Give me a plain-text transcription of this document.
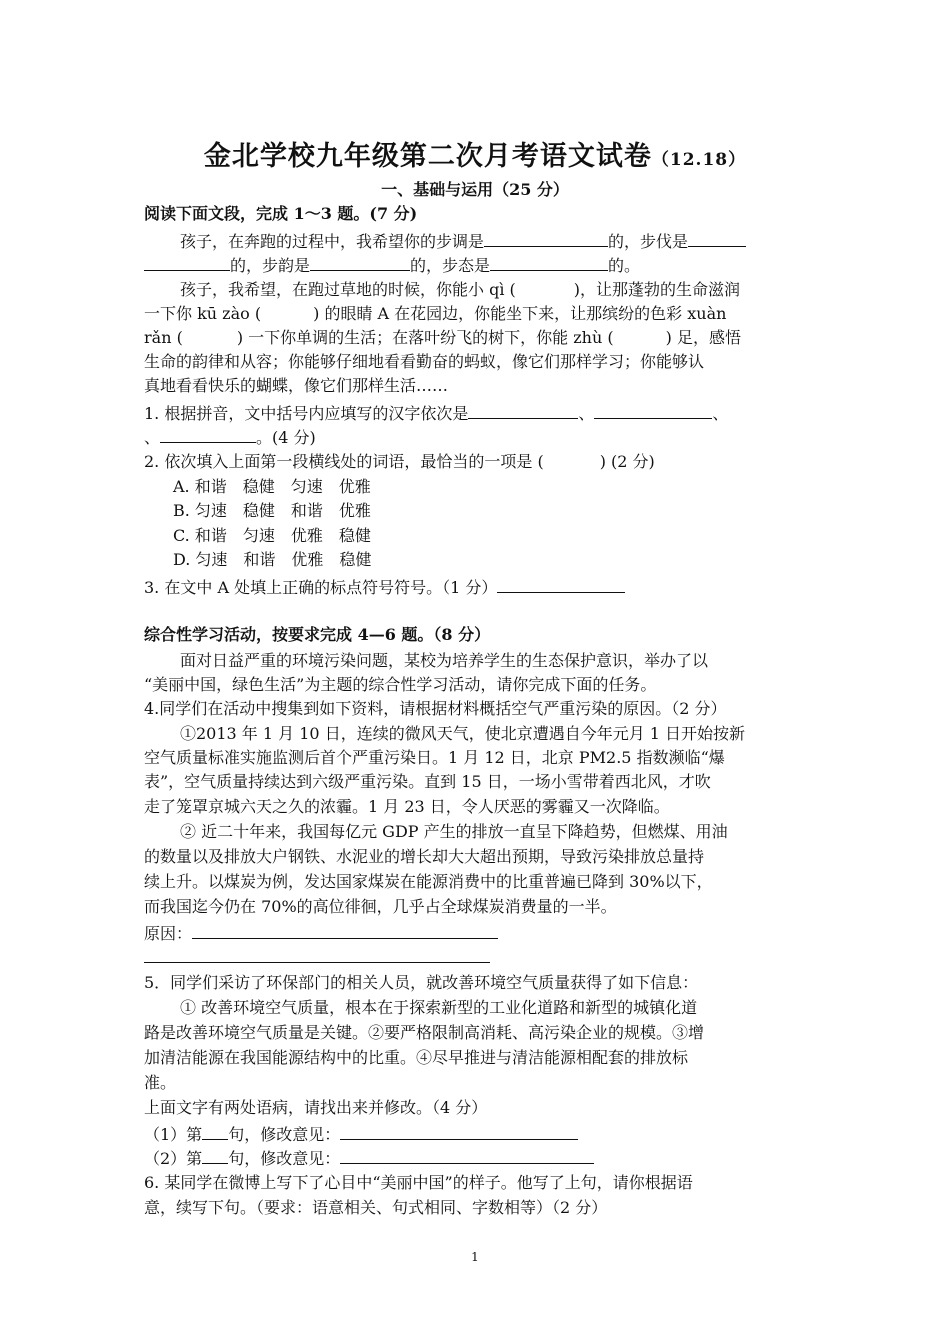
金北学校九年级第二次月考语文试卷（12.18）
一、基础与运用（25 分）
阅读下面文段，完成 1～3 题。(7 分)
孩子，在奔跑的过程中，我希望你的步调是	的，步伐是
的，步韵是	的，步态是	的。
孩子，我希望，在跑过草地的时候，你能小 qì (	)，让那蓬勃的生命滋润
一下你 kū zào (	) 的眼睛 A 在花园边，你能坐下来，让那缤纷的色彩 xuàn
rǎn (	) 一下你单调的生活；在落叶纷飞的树下，你能 zhù (	) 足，感悟
生命的韵律和从容；你能够仔细地看看勤奋的蚂蚁，像它们那样学习；你能够认
真地看看快乐的蝴蝶，像它们那样生活……
1. 根据拼音，文中括号内应填写的汉字依次是	、	、
、	。(4 分)
2. 依次填入上面第一段横线处的词语，最恰当的一项是 (	) (2 分)
A. 和谐　稳健　匀速　优雅
B. 匀速　稳健　和谐　优雅
C. 和谐　匀速　优雅　稳健
D. 匀速　和谐　优雅　稳健
3. 在文中 A 处填上正确的标点符号符号。（1 分）
综合性学习活动，按要求完成 4—6 题。（8 分）
面对日益严重的环境污染问题，某校为培养学生的生态保护意识，举办了以
“美丽中国，绿色生活”为主题的综合性学习活动，请你完成下面的任务。
4.同学们在活动中搜集到如下资料，请根据材料概括空气严重污染的原因。（2 分）
①2013 年 1 月 10 日，连续的微风天气，使北京遭遇自今年元月 1 日开始按新
空气质量标准实施监测后首个严重污染日。1 月 12 日，北京 PM2.5 指数濒临“爆
表”，空气质量持续达到六级严重污染。直到 15 日，一场小雪带着西北风，才吹
走了笼罩京城六天之久的浓霾。1 月 23 日，令人厌恶的雾霾又一次降临。
② 近二十年来，我国每亿元 GDP 产生的排放一直呈下降趋势，但燃煤、用油
的数量以及排放大户钢铁、水泥业的增长却大大超出预期，导致污染排放总量持
续上升。以煤炭为例，发达国家煤炭在能源消费中的比重普遍已降到 30%以下，
而我国迄今仍在 70%的高位徘徊，几乎占全球煤炭消费量的一半。
原因：
5．同学们采访了环保部门的相关人员，就改善环境空气质量获得了如下信息：
① 改善环境空气质量，根本在于探索新型的工业化道路和新型的城镇化道
路是改善环境空气质量是关键。②要严格限制高消耗、高污染企业的规模。③增
加清洁能源在我国能源结构中的比重。④尽早推进与清洁能源相配套的排放标
准。
上面文字有两处语病，请找出来并修改。（4 分）
（1）第 句，修改意见：
（2）第 句，修改意见：
6. 某同学在微博上写下了心目中“美丽中国”的样子。他写了上句，请你根据语
意，续写下句。（要求：语意相关、句式相同、字数相等）（2 分）
1
